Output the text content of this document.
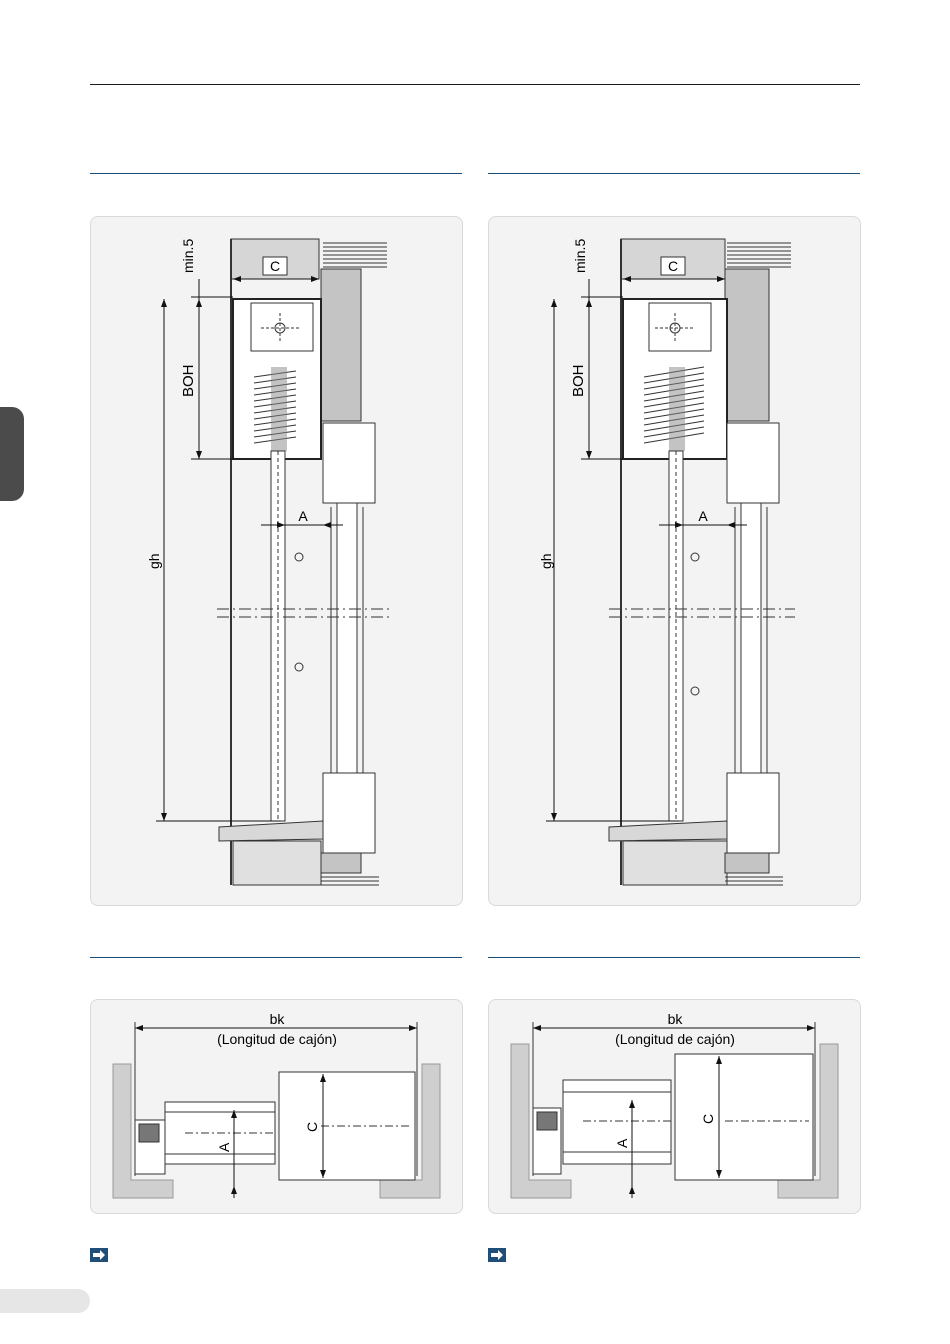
C
min.5
BOH
A
gh
C
min.5
BOH
A
gh
bk
(Longitud de cajón)
A
C
bk
(Longitud de cajón)
A
C
